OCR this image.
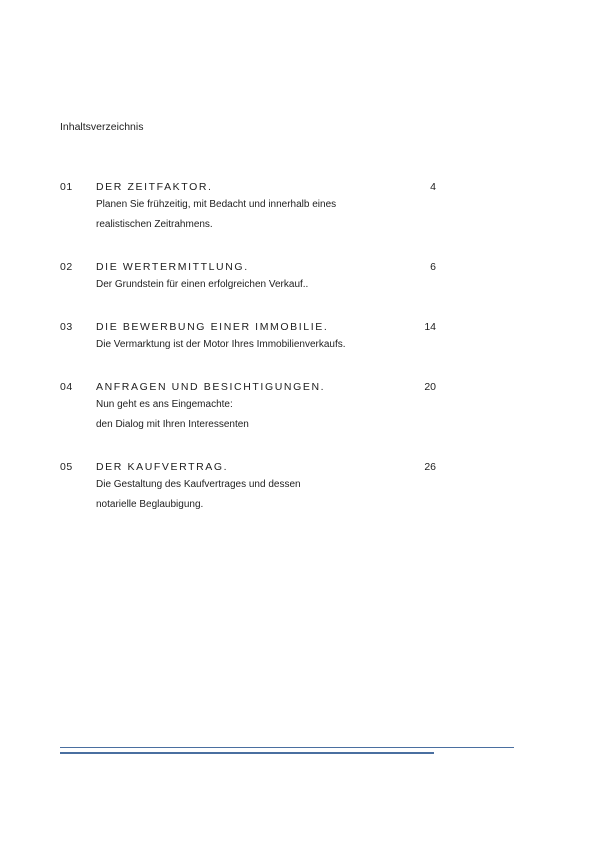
Inhaltsverzeichnis
01 DER ZEITFAKTOR.	4
Planen Sie frühzeitig, mit Bedacht und innerhalb eines
realistischen Zeitrahmens.
02 DIE WERTERMITTLUNG.	6
Der Grundstein für einen erfolgreichen Verkauf..
03 DIE BEWERBUNG EINER IMMOBILIE.	14
Die Vermarktung ist der Motor Ihres Immobilienverkaufs.
04 ANFRAGEN UND BESICHTIGUNGEN.	20
Nun geht es ans Eingemachte:
den Dialog mit Ihren Interessenten
05 DER KAUFVERTRAG.	26
Die Gestaltung des Kaufvertrages und dessen
notarielle Beglaubigung.
